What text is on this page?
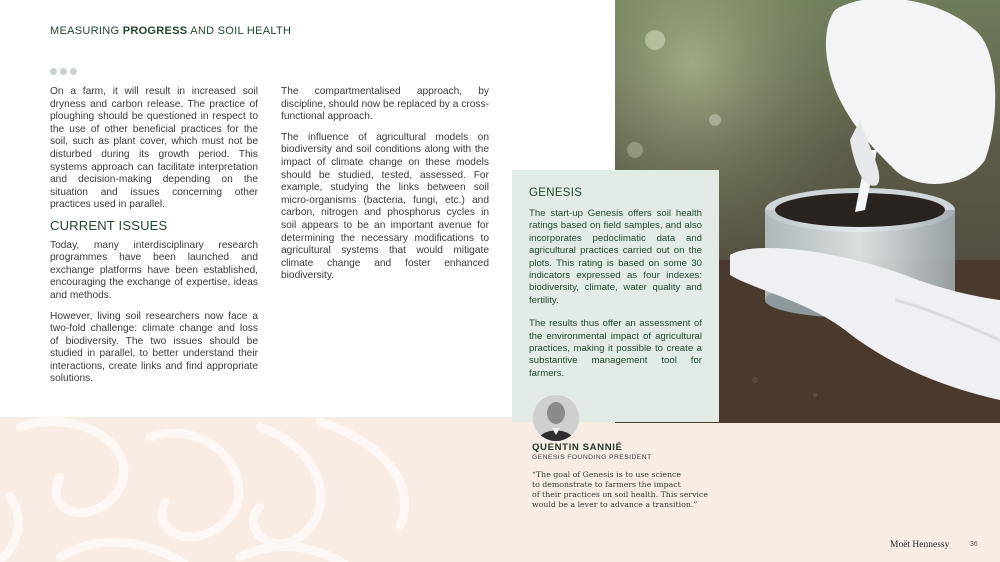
MEASURING PROGRESS AND SOIL HEALTH

On a farm, it will result in increased soil dryness and carbon release. The practice of ploughing should be questioned in respect to the use of other beneficial practices for the soil, such as plant cover, which must not be disturbed during its growth period. This systems approach can facilitate interpretation and decision-making depending on the situation and issues concerning other practices used in parallel.

CURRENT ISSUES

Today, many interdisciplinary research programmes have been launched and exchange platforms have been established, encouraging the exchange of expertise, ideas and methods.

However, living soil researchers now face a two-fold challenge: climate change and loss of biodiversity. The two issues should be studied in parallel, to better understand their interactions, create links and find appropriate solutions.

The compartmentalised approach, by discipline, should now be replaced by a cross-functional approach.

The influence of agricultural models on biodiversity and soil conditions along with the impact of climate change on these models should be studied, tested, assessed. For example, studying the links between soil micro-organisms (bacteria, fungi, etc.) and carbon, nitrogen and phosphorus cycles in soil appears to be an important avenue for determining the necessary modifications to agricultural systems that would mitigate climate change and foster enhanced biodiversity.

GENESIS

The start-up Genesis offers soil health ratings based on field samples, and also incorporates pedoclimatic data and agricultural practices carried out on the plots. This rating is based on some 30 indicators expressed as four indexes: biodiversity, climate, water quality and fertility.

The results thus offer an assessment of the environmental impact of agricultural practices, making it possible to create a substantive management tool for farmers.

QUENTIN SANNIÉ
GENESIS FOUNDING PRESIDENT
“The goal of Genesis is to use science
to demonstrate to farmers the impact
of their practices on soil health. This service
would be a lever to advance a transition.”
Moët Hennessy	36
